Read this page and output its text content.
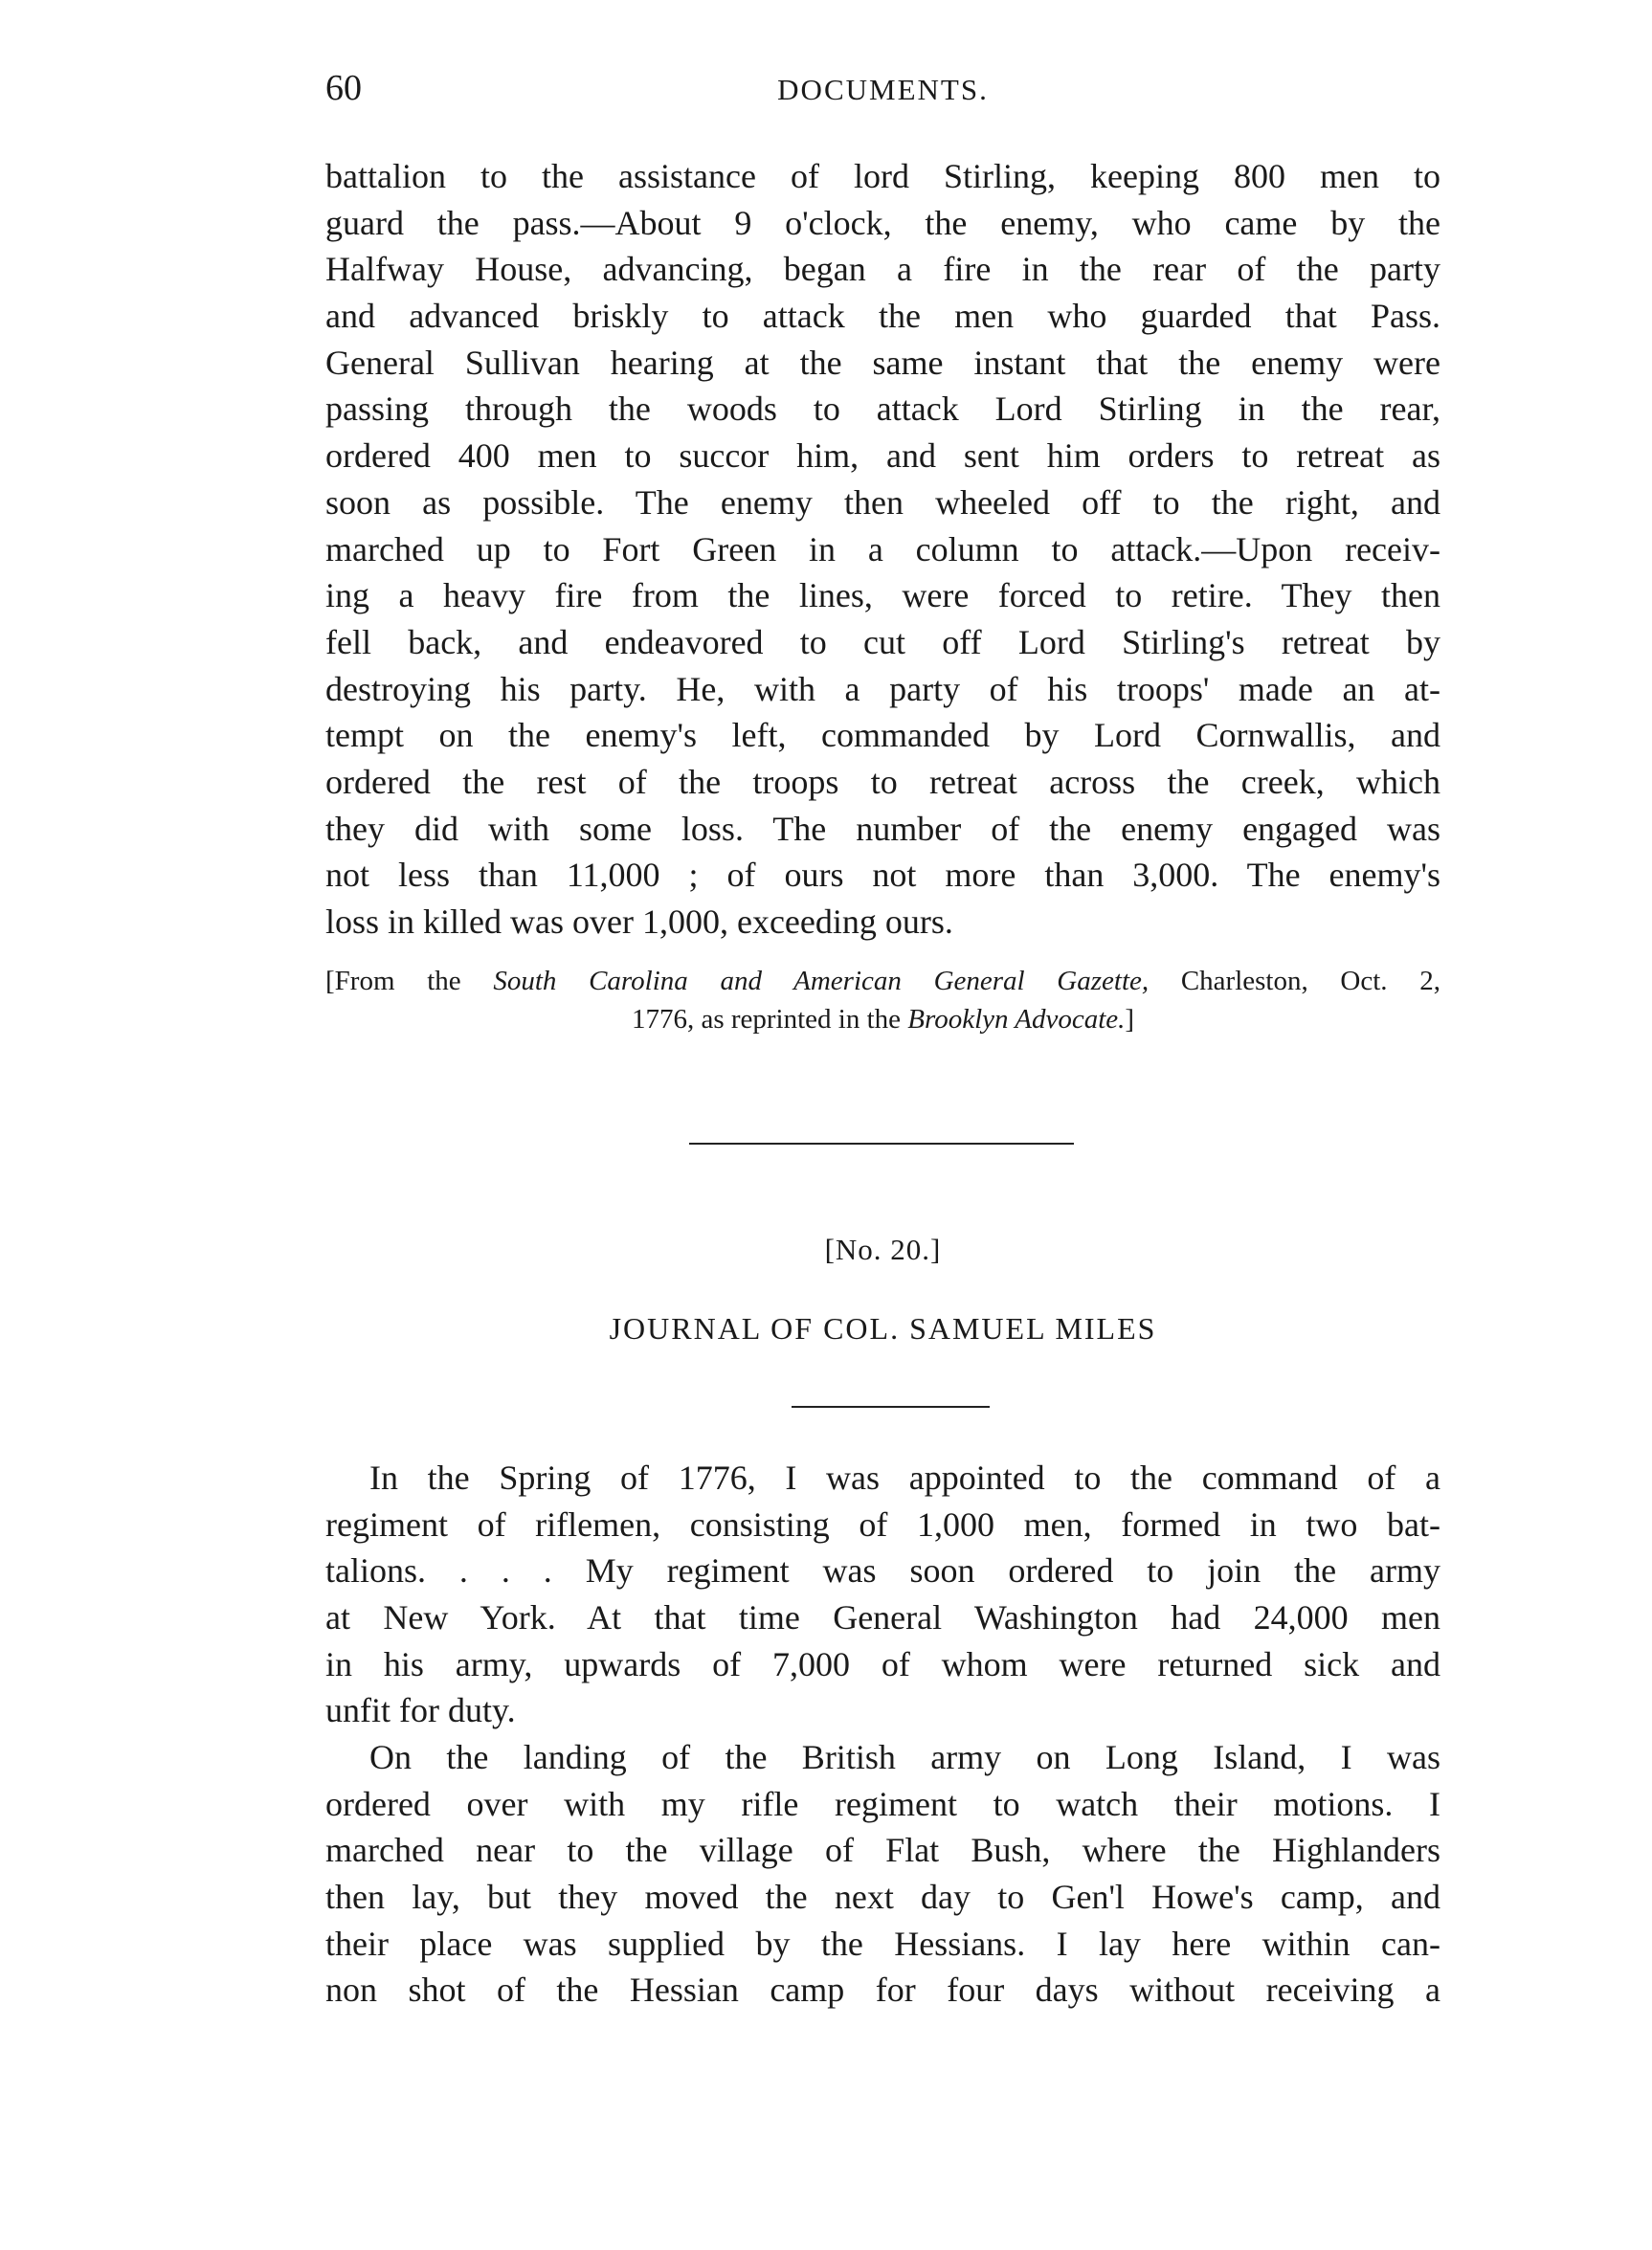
60	DOCUMENTS.
battalion to the assistance of lord Stirling, keeping 800 men to
guard the pass.—About 9 o'clock, the enemy, who came by the
Halfway House, advancing, began a fire in the rear of the party
and advanced briskly to attack the men who guarded that Pass.
General Sullivan hearing at the same instant that the enemy were
passing through the woods to attack Lord Stirling in the rear,
ordered 400 men to succor him, and sent him orders to retreat as
soon as possible. The enemy then wheeled off to the right, and
marched up to Fort Green in a column to attack.—Upon receiv-
ing a heavy fire from the lines, were forced to retire. They then
fell back, and endeavored to cut off Lord Stirling's retreat by
destroying his party. He, with a party of his troops' made an at-
tempt on the enemy's left, commanded by Lord Cornwallis, and
ordered the rest of the troops to retreat across the creek, which
they did with some loss. The number of the enemy engaged was
not less than 11,000 ; of ours not more than 3,000. The enemy's
loss in killed was over 1,000, exceeding ours.
[From the South Carolina and American General Gazette, Charleston, Oct. 2,
1776, as reprinted in the Brooklyn Advocate.]
[No. 20.]
JOURNAL OF COL. SAMUEL MILES
In the Spring of 1776, I was appointed to the command of a
regiment of riflemen, consisting of 1,000 men, formed in two bat-
talions. . . . My regiment was soon ordered to join the army
at New York. At that time General Washington had 24,000 men
in his army, upwards of 7,000 of whom were returned sick and
unfit for duty.
On the landing of the British army on Long Island, I was
ordered over with my rifle regiment to watch their motions. I
marched near to the village of Flat Bush, where the Highlanders
then lay, but they moved the next day to Gen'l Howe's camp, and
their place was supplied by the Hessians. I lay here within can-
non shot of the Hessian camp for four days without receiving a
